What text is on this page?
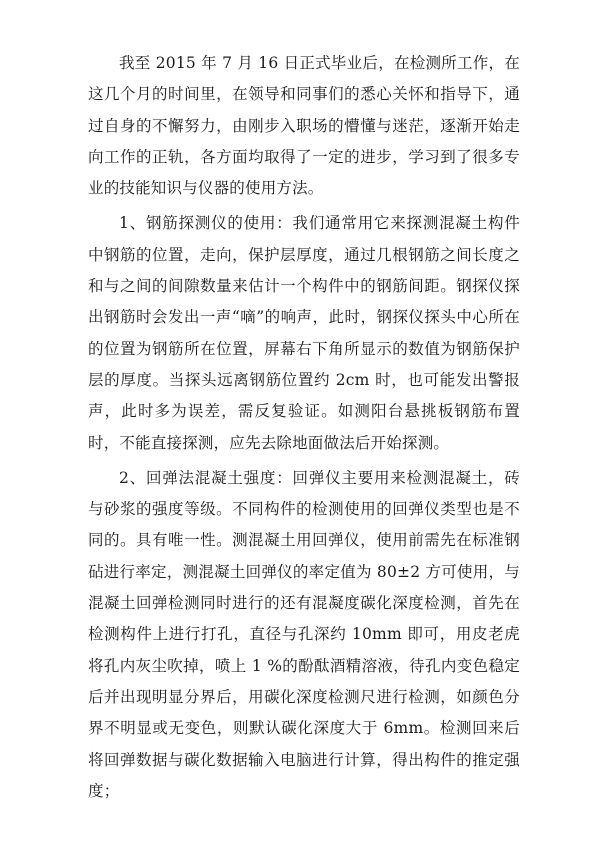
我至 2015 年 7 月 16 日正式毕业后，在检测所工作，在这几个月的时间里，在领导和同事们的悉心关怀和指导下，通过自身的不懈努力，由刚步入职场的懵懂与迷茫，逐渐开始走向工作的正轨，各方面均取得了一定的进步，学习到了很多专业的技能知识与仪器的使用方法。

1、钢筋探测仪的使用：我们通常用它来探测混凝土构件中钢筋的位置，走向，保护层厚度，通过几根钢筋之间长度之和与之间的间隙数量来估计一个构件中的钢筋间距。钢探仪探出钢筋时会发出一声“嘀”的响声，此时，钢探仪探头中心所在的位置为钢筋所在位置，屏幕右下角所显示的数值为钢筋保护层的厚度。当探头远离钢筋位置约 2cm 时，也可能发出警报声，此时多为误差，需反复验证。如测阳台悬挑板钢筋布置时，不能直接探测，应先去除地面做法后开始探测。

2、回弹法混凝土强度：回弹仪主要用来检测混凝土，砖与砂浆的强度等级。不同构件的检测使用的回弹仪类型也是不同的。具有唯一性。测混凝土用回弹仪，使用前需先在标准钢砧进行率定，测混凝土回弹仪的率定值为 80±2 方可使用，与混凝土回弹检测同时进行的还有混凝度碳化深度检测，首先在检测构件上进行打孔，直径与孔深约 10mm 即可，用皮老虎将孔内灰尘吹掉，喷上 1 %的酚酞酒精溶液，待孔内变色稳定后并出现明显分界后，用碳化深度检测尺进行检测，如颜色分界不明显或无变色，则默认碳化深度大于 6mm。检测回来后将回弹数据与碳化数据输入电脑进行计算，得出构件的推定强度；
